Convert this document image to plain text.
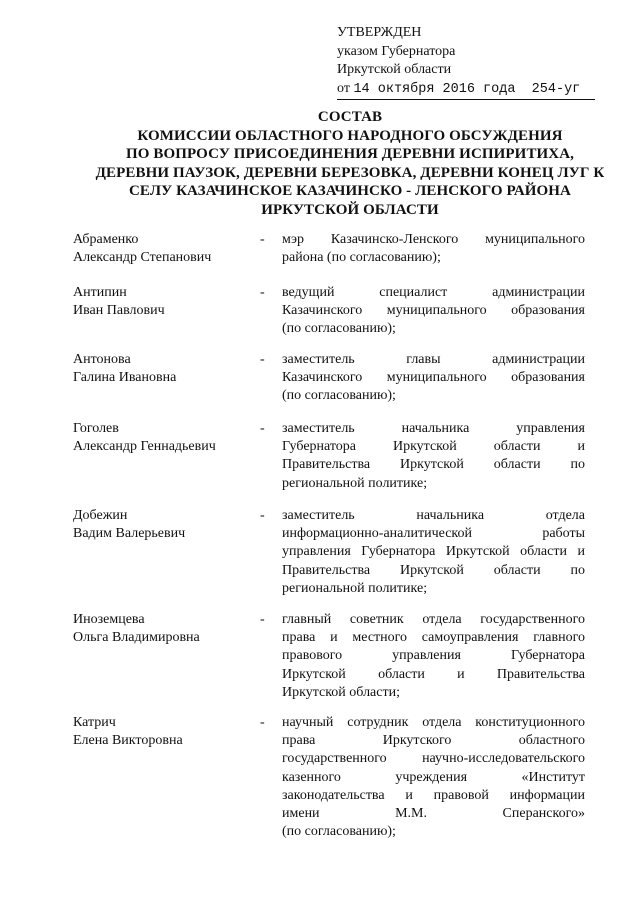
УТВЕРЖДЕН
указом Губернатора
Иркутской области
от 14 октября 2016 года  254-уг
СОСТАВ
КОМИССИИ ОБЛАСТНОГО НАРОДНОГО ОБСУЖДЕНИЯ
ПО ВОПРОСУ ПРИСОЕДИНЕНИЯ ДЕРЕВНИ ИСПИРИТИХА,
ДЕРЕВНИ ПАУЗОК, ДЕРЕВНИ БЕРЕЗОВКА, ДЕРЕВНИ КОНЕЦ ЛУГ К
СЕЛУ КАЗАЧИНСКОЕ КАЗАЧИНСКО - ЛЕНСКОГО РАЙОНА
ИРКУТСКОЙ ОБЛАСТИ
Абраменко
Александр Степанович
- мэр Казачинско-Ленского муниципального
района (по согласованию);
Антипин
Иван Павлович
- ведущий	специалист	администрации
Казачинского муниципального образования
(по согласованию);
Антонова
Галина Ивановна
- заместитель	главы	администрации
Казачинского муниципального образования
(по согласованию);
Гоголев
Александр Геннадьевич
- заместитель	начальника	управления
Губернатора	Иркутской	области	и
Правительства Иркутской области по
региональной политике;
Добежин
Вадим Валерьевич
- заместитель	начальника	отдела
информационно-аналитической	работы
управления Губернатора Иркутской области и
Правительства Иркутской области по
региональной политике;
Иноземцева
Ольга Владимировна
- главный советник отдела государственного
права и местного самоуправления главного
правового	управления	Губернатора
Иркутской области и Правительства
Иркутской области;
Катрич
Елена Викторовна
- научный сотрудник отдела конституционного
права	Иркутского	областного
государственного	научно-исследовательского
казенного	учреждения	«Институт
законодательства и правовой информации
имени	М.М.	Сперанского»
(по согласованию);
